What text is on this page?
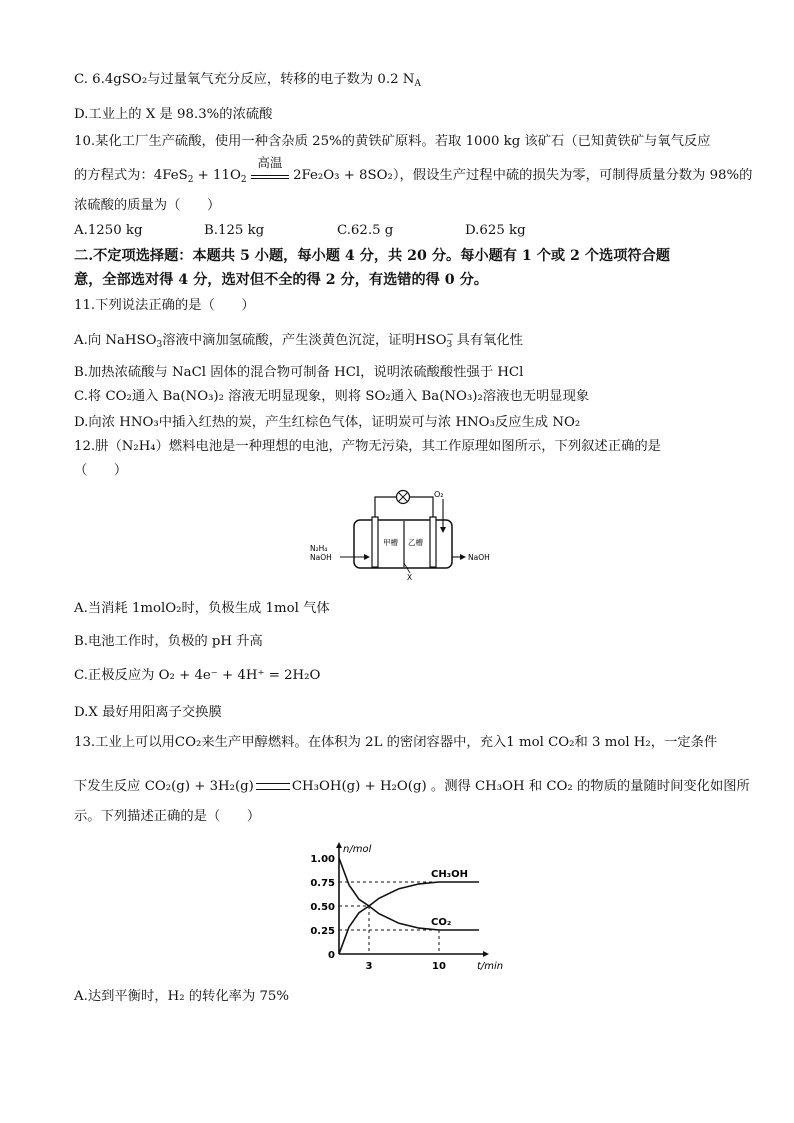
C. 6.4gSO₂与过量氧气充分反应，转移的电子数为 0.2 $N_A$
D.工业上的 X 是 98.3%的浓硫酸
10.某化工厂生产硫酸，使用一种含杂质 25%的黄铁矿原料。若取 1000 kg 该矿石（已知黄铁矿与氧气反应
的方程式为：$4FeS_2 + 11O_2$
高温
2Fe₂O₃ + 8SO₂），假设生产过程中硫的损失为零，可制得质量分数为 98%的
浓硫酸的质量为（　　）
A.1250 kg	B.125 kg	C.62.5 g	D.625 kg
二.不定项选择题：本题共 5 小题，每小题 4 分，共 20 分。每小题有 1 个或 2 个选项符合题
意，全部选对得 4 分，选对但不全的得 2 分，有选错的得 0 分。
11.下列说法正确的是（　　）
A.向 NaHSO$_3$溶液中滴加氢硫酸，产生淡黄色沉淀，证明HSO −
$_3$ 具有氧化性
B.加热浓硫酸与 NaCl 固体的混合物可制备 HCl，说明浓硫酸酸性强于 HCl
C.将 CO₂通入 Ba(NO₃)₂ 溶液无明显现象，则将 SO₂通入 Ba(NO₃)₂溶液也无明显现象
D.向浓 HNO₃中插入红热的炭，产生红棕色气体，证明炭可与浓 HNO₃反应生成 NO₂
12.肼（N₂H₄）燃料电池是一种理想的电池，产物无污染，其工作原理如图所示，下列叙述正确的是
（　　）
O₂
N₂H₄
NaOH	NaOH
甲槽 乙槽
X
A.当消耗 1molO₂时，负极生成 1mol 气体
B.电池工作时，负极的 pH 升高
C.正极反应为 O₂ + 4e⁻ + 4H⁺ = 2H₂O
D.X 最好用阳离子交换膜
13.工业上可以用CO₂来生产甲醇燃料。在体积为 2L 的密闭容器中，充入1 mol CO₂和 3 mol H₂，一定条件
下发生反应 CO₂(g) + 3H₂(g)	CH₃OH(g) + H₂O(g) 。测得 CH₃OH 和 CO₂ 的物质的量随时间变化如图所
示。下列描述正确的是（　　）
1.00
0.75
0.50
0.25
0
n/mol
t/min
3	10
CH₃OH
CO₂
A.达到平衡时，H₂ 的转化率为 75%
